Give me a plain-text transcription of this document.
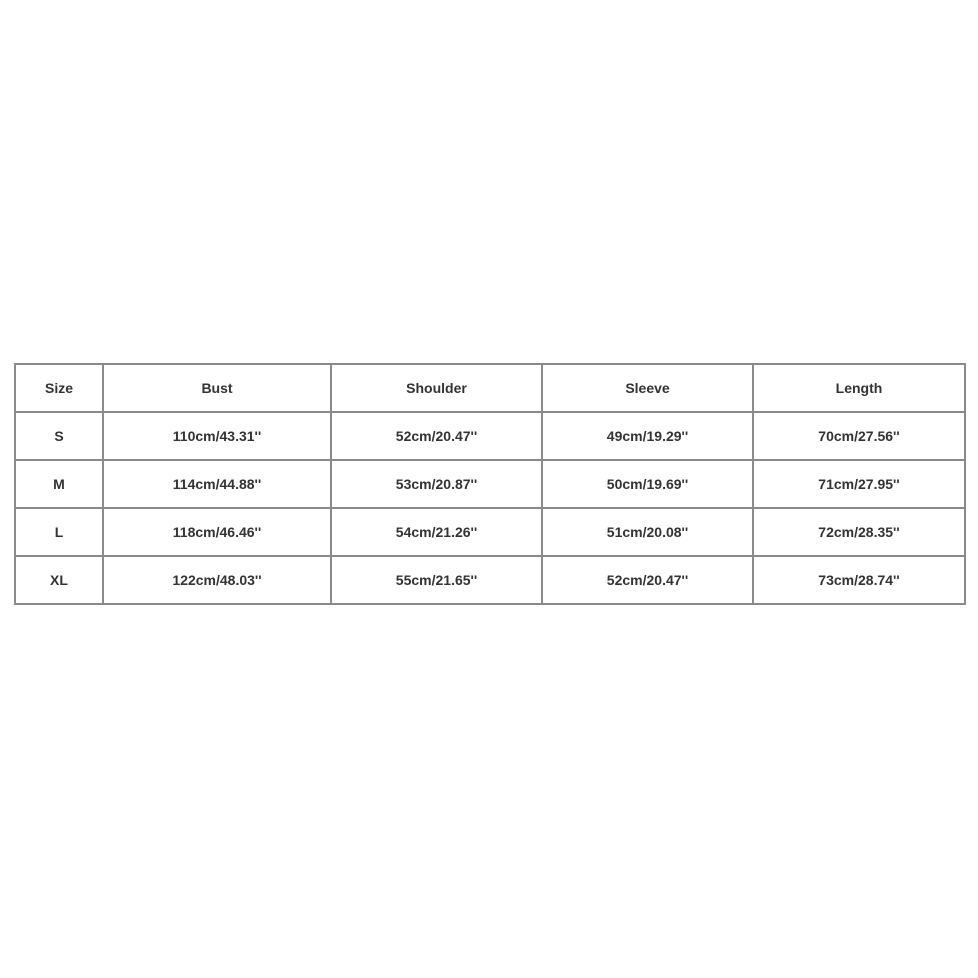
Size	Bust	Shoulder	Sleeve	Length
S	110cm/43.31''	52cm/20.47''	49cm/19.29''	70cm/27.56''
M	114cm/44.88''	53cm/20.87''	50cm/19.69''	71cm/27.95''
L	118cm/46.46''	54cm/21.26''	51cm/20.08''	72cm/28.35''
XL	122cm/48.03''	55cm/21.65''	52cm/20.47''	73cm/28.74''
